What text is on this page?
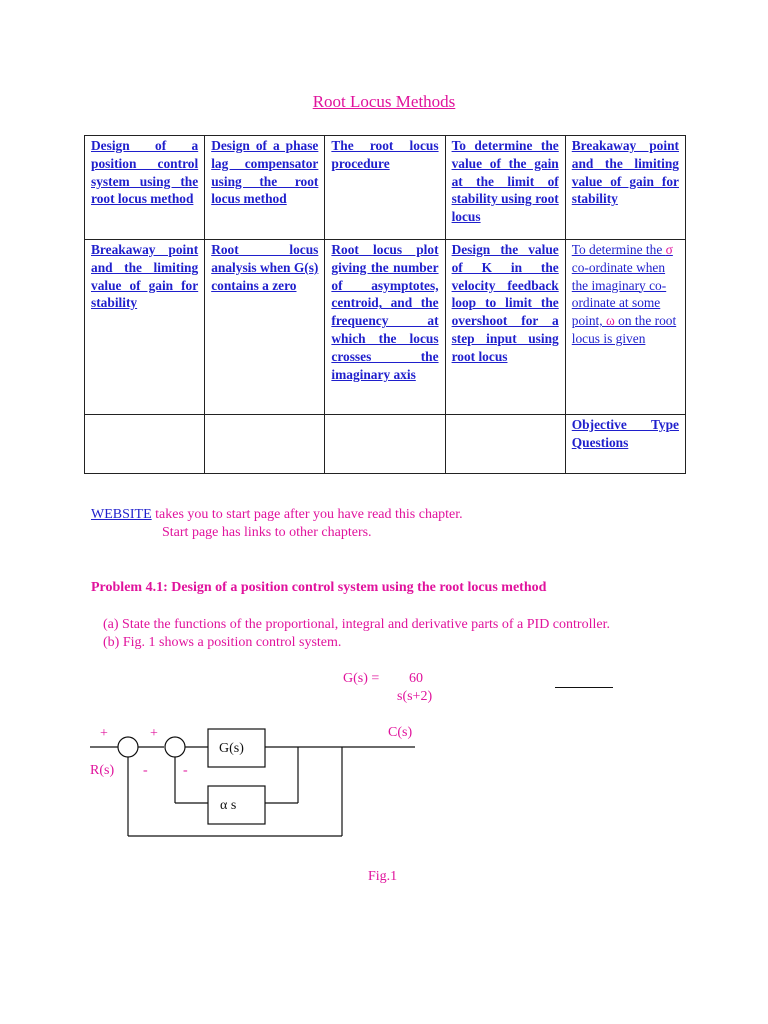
Root Locus Methods
Design of a position control system using the root locus method	Design of a phase lag compensator using the root locus method	The root locus procedure	To determine the value of the gain at the limit of stability using root locus	Breakaway point and the limiting value of gain for stability

Breakaway point and the limiting value of gain for stability	Root locus analysis when G(s) contains a zero	Root locus plot giving the number of asymptotes, centroid, and the frequency at which the locus crosses the imaginary axis	Design the value of K in the velocity feedback loop to limit the overshoot for a step input using root locus	To determine the σ co-ordinate when the imaginary co-ordinate at some point, ω on the root locus is given

				Objective Type Questions
WEBSITE takes you to start page after you have read this chapter.
Start page has links to other chapters.
Problem 4.1: Design of a position control system using the root locus method
(a) State the functions of the proportional, integral and derivative parts of a PID controller.
(b) Fig. 1 shows a position control system.
G(s) = 60
s(s+2)
+	+
-	-
R(s)
C(s)
Fig.1
G(s)
α s
